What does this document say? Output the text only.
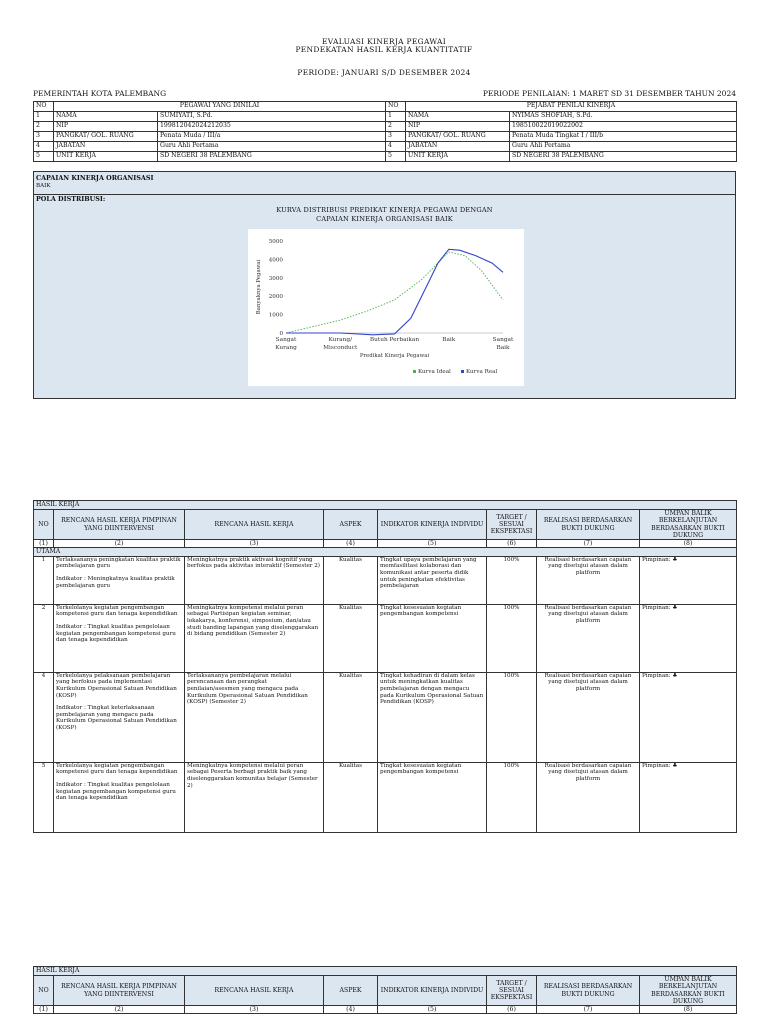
EVALUASI KINERJA PEGAWAI
PENDEKATAN HASIL KERJA KUANTITATIF
PERIODE: JANUARI S/D DESEMBER 2024
PEMERINTAH KOTA PALEMBANG	PERIODE PENILAIAN: 1 MARET SD 31 DESEMBER TAHUN 2024
NO	PEGAWAI YANG DINILAI		NO	PEJABAT PENILAI KINERJA	
1	NAMA	SUMIYATI, S.Pd.	1	NAMA	NYIMAS SHOFIAH, S.Pd.
2	NIP	199812042024212035	2	NIP	198510022019022002
3	PANGKAT/ GOL. RUANG	Penata Muda / III/a	3	PANGKAT/ GOL. RUANG	Penata Muda Tingkat I / III/b
4	JABATAN	Guru Ahli Pertama	4	JABATAN	Guru Ahli Pertama
5	UNIT KERJA	SD NEGERI 38 PALEMBANG	5	UNIT KERJA	SD NEGERI 38 PALEMBANG
CAPAIAN KINERJA ORGANISASI
BAIK
POLA DISTRIBUSI:
KURVA DISTRIBUSI PREDIKAT KINERJA PEGAWAI DENGAN
CAPAIAN KINERJA ORGANISASI BAIK
0
1000
2000
3000
4000
5000
Sangat Kurang
Kurang/ Misconduct
Butuh Perbaikan	Baik	Sangat Baik
Predikat Kinerja Pegawai
Banyaknya Pegawai
Kurva Ideal	Kurva Real
HASIL KERJA							
NO	RENCANA HASIL KERJA PIMPINAN YANG DIINTERVENSI	RENCANA HASIL KERJA	ASPEK	INDIKATOR KINERJA INDIVIDU	TARGET / SESUAI EKSPEKTASI	REALISASI BERDASARKAN BUKTI DUKUNG	UMPAN BALIK BERKELANJUTAN BERDASARKAN BUKTI DUKUNG
(1)	(2)	(3)	(4)	(5)	(6)	(7)	(8)
UTAMA							
1	Terlaksananya peningkatan kualitas praktik pembelajaran guru
Indikator : Meningkatnya kualitas praktik pembelajaran guru	Meningkatnya praktik aktivasi kognitif yang berfokus pada aktivitas interaktif (Semester 2)	Kualitas	Tingkat upaya pembelajaran yang memfasilitasi kolaborasi dan komunikasi antar peserta didik untuk peningkatan efektivitas pembelajaran	100%	Realisasi berdasarkan capaian yang disetujui atasan dalam platform	Pimpinan: ♣
2	Terkelolanya kegiatan pengembangan kompetensi guru dan tenaga kependidikan
Indikator : Tingkat kualitas pengelolaan kegiatan pengembangan kompetensi guru dan tenaga kependidikan	Meningkatnya kompetensi melalui peran sebagai Partisipan kegiatan seminar, lokakarya, konferensi, simposium, dan/atau studi banding lapangan yang diselenggarakan di bidang pendidikan (Semester 2)	Kualitas	Tingkat kesesuaian kegiatan pengembangan kompetensi	100%	Realisasi berdasarkan capaian yang disetujui atasan dalam platform	Pimpinan: ♣
4	Terkelolanya pelaksanaan pembelajaran yang berfokus pada implementasi Kurikulum Operasional Satuan Pendidikan (KOSP)
Indikator : Tingkat keterlaksanaan pembelajaran yang mengacu pada Kurikulum Operasional Satuan Pendidikan (KOSP)	Terlaksananya pembelajaran melalui perencanaan dan perangkat penilaian/asesmen yang mengacu pada Kurikulum Operasional Satuan Pendidikan (KOSP) (Semester 2)	Kualitas	Tingkat kehadiran di dalam kelas untuk meningkatkan kualitas pembelajaran dengan mengacu pada Kurikulum Operasional Satuan Pendidikan (KOSP)	100%	Realisasi berdasarkan capaian yang disetujui atasan dalam platform	Pimpinan: ♣
5	Terkelolanya kegiatan pengembangan kompetensi guru dan tenaga kependidikan
Indikator : Tingkat kualitas pengelolaan kegiatan pengembangan kompetensi guru dan tenaga kependidikan	Meningkatnya kompetensi melalui peran sebagai Peserta berbagi praktik baik yang diselenggarakan komunitas belajar (Semester 2)	Kualitas	Tingkat kesesuaian kegiatan pengembangan kompetensi	100%	Realisasi berdasarkan capaian yang disetujui atasan dalam platform	Pimpinan: ♣
HASIL KERJA							
NO	RENCANA HASIL KERJA PIMPINAN YANG DIINTERVENSI	RENCANA HASIL KERJA	ASPEK	INDIKATOR KINERJA INDIVIDU	TARGET / SESUAI EKSPEKTASI	REALISASI BERDASARKAN BUKTI DUKUNG	UMPAN BALIK BERKELANJUTAN BERDASARKAN BUKTI DUKUNG
(1)	(2)	(3)	(4)	(5)	(6)	(7)	(8)
